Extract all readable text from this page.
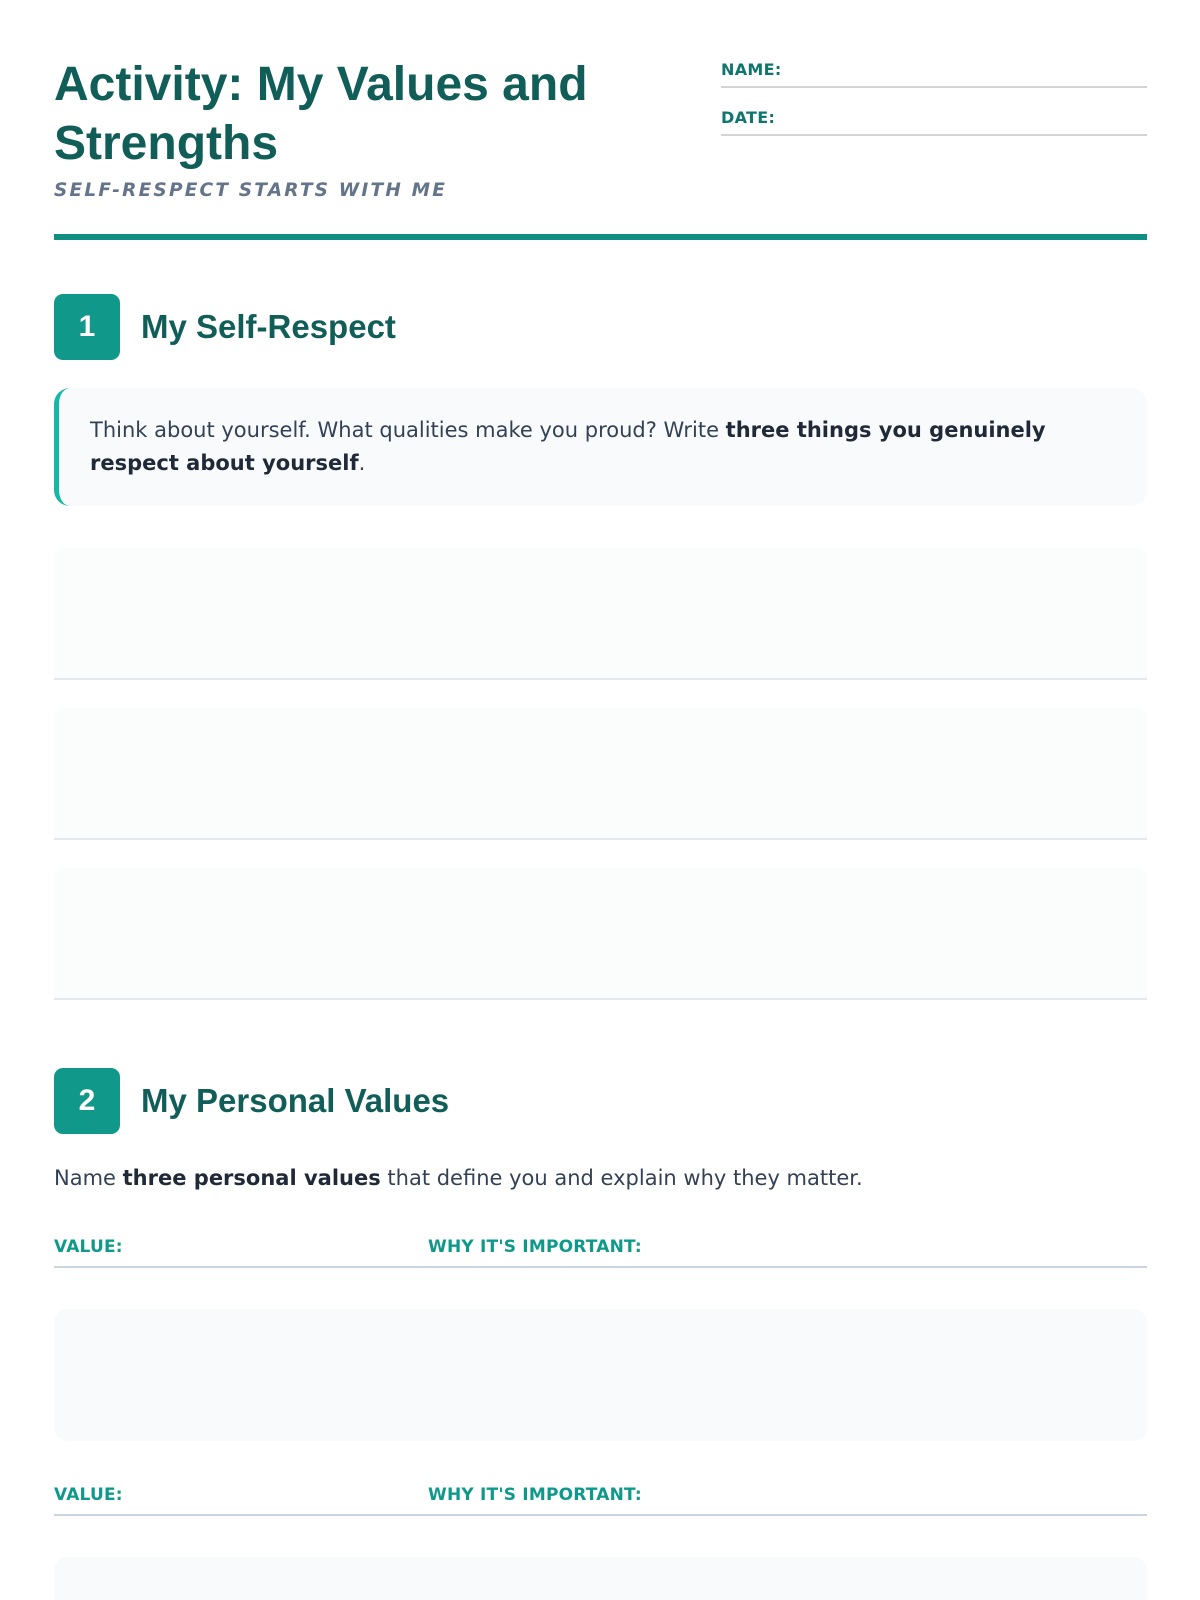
Activity: My Values and Strengths
SELF-RESPECT STARTS WITH ME
NAME:
DATE:
1	My Self-Respect
Think about yourself. What qualities make you proud? Write three things you genuinely respect about yourself.
2	My Personal Values

Name three personal values that define you and explain why they matter.

VALUE:	WHY IT'S IMPORTANT:
VALUE:	WHY IT'S IMPORTANT:
